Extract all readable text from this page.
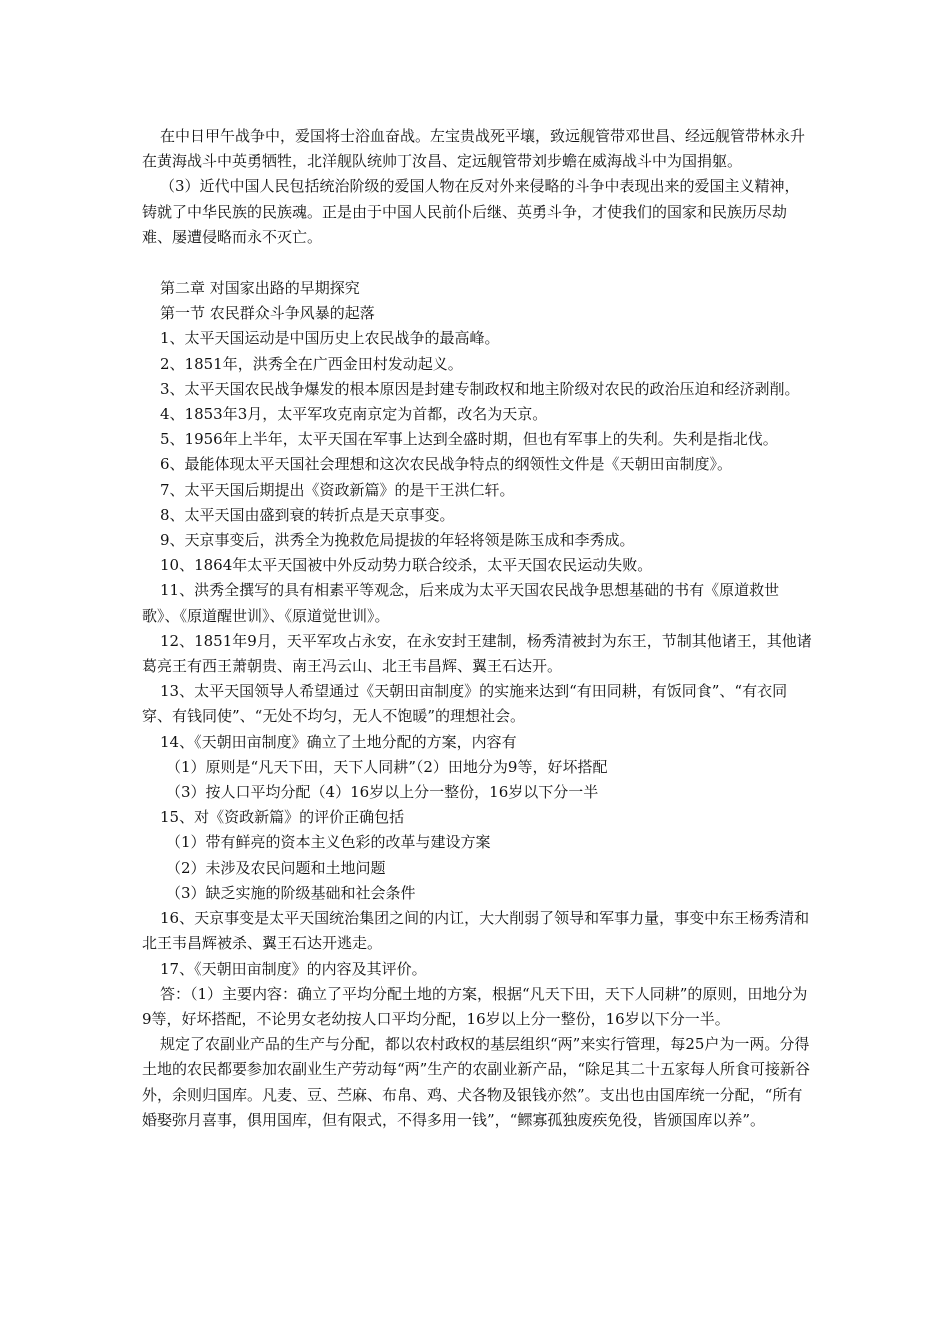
在中日甲午战争中，爱国将士浴血奋战。左宝贵战死平壤，致远舰管带邓世昌、经远舰管带林永升在黄海战斗中英勇牺牲，北洋舰队统帅丁汝昌、定远舰管带刘步蟾在威海战斗中为国捐躯。

（3）近代中国人民包括统治阶级的爱国人物在反对外来侵略的斗争中表现出来的爱国主义精神，铸就了中华民族的民族魂。正是由于中国人民前仆后继、英勇斗争，才使我们的国家和民族历尽劫难、屡遭侵略而永不灭亡。

第二章 对国家出路的早期探究

第一节 农民群众斗争风暴的起落

1、太平天国运动是中国历史上农民战争的最高峰。

2、1851年，洪秀全在广西金田村发动起义。

3、太平天国农民战争爆发的根本原因是封建专制政权和地主阶级对农民的政治压迫和经济剥削。

4、1853年3月，太平军攻克南京定为首都，改名为天京。

5、1956年上半年，太平天国在军事上达到全盛时期，但也有军事上的失利。失利是指北伐。

6、最能体现太平天国社会理想和这次农民战争特点的纲领性文件是《天朝田亩制度》。

7、太平天国后期提出《资政新篇》的是干王洪仁轩。

8、太平天国由盛到衰的转折点是天京事变。

9、天京事变后，洪秀全为挽救危局提拔的年轻将领是陈玉成和李秀成。

10、1864年太平天国被中外反动势力联合绞杀，太平天国农民运动失败。

11、洪秀全撰写的具有相素平等观念，后来成为太平天国农民战争思想基础的书有《原道救世歌》、《原道醒世训》、《原道觉世训》。

12、1851年9月，天平军攻占永安，在永安封王建制，杨秀清被封为东王，节制其他诸王，其他诸葛亮王有西王萧朝贵、南王冯云山、北王韦昌辉、翼王石达开。

13、太平天国领导人希望通过《天朝田亩制度》的实施来达到“有田同耕，有饭同食”、“有衣同穿、有钱同使”、“无处不均匀，无人不饱暖”的理想社会。

14、《天朝田亩制度》确立了土地分配的方案，内容有

（1）原则是“凡天下田，天下人同耕”（2）田地分为9等，好坏搭配

（3）按人口平均分配（4）16岁以上分一整份，16岁以下分一半

15、对《资政新篇》的评价正确包括

（1）带有鲜亮的资本主义色彩的改革与建设方案

（2）未涉及农民问题和土地问题

（3）缺乏实施的阶级基础和社会条件

16、天京事变是太平天国统治集团之间的内讧，大大削弱了领导和军事力量，事变中东王杨秀清和北王韦昌辉被杀、翼王石达开逃走。

17、《天朝田亩制度》的内容及其评价。

答：（1）主要内容：确立了平均分配土地的方案，根据“凡天下田，天下人同耕”的原则，田地分为9等，好坏搭配，不论男女老幼按人口平均分配，16岁以上分一整份，16岁以下分一半。

规定了农副业产品的生产与分配，都以农村政权的基层组织“两”来实行管理，每25户为一两。分得土地的农民都要参加农副业生产劳动每“两”生产的农副业新产品，“除足其二十五家每人所食可接新谷外，余则归国库。凡麦、豆、苎麻、布帛、鸡、犬各物及银钱亦然”。支出也由国库统一分配，“所有婚娶弥月喜事，俱用国库，但有限式，不得多用一钱”，“鳏寡孤独废疾免役，皆颁国库以养”。
